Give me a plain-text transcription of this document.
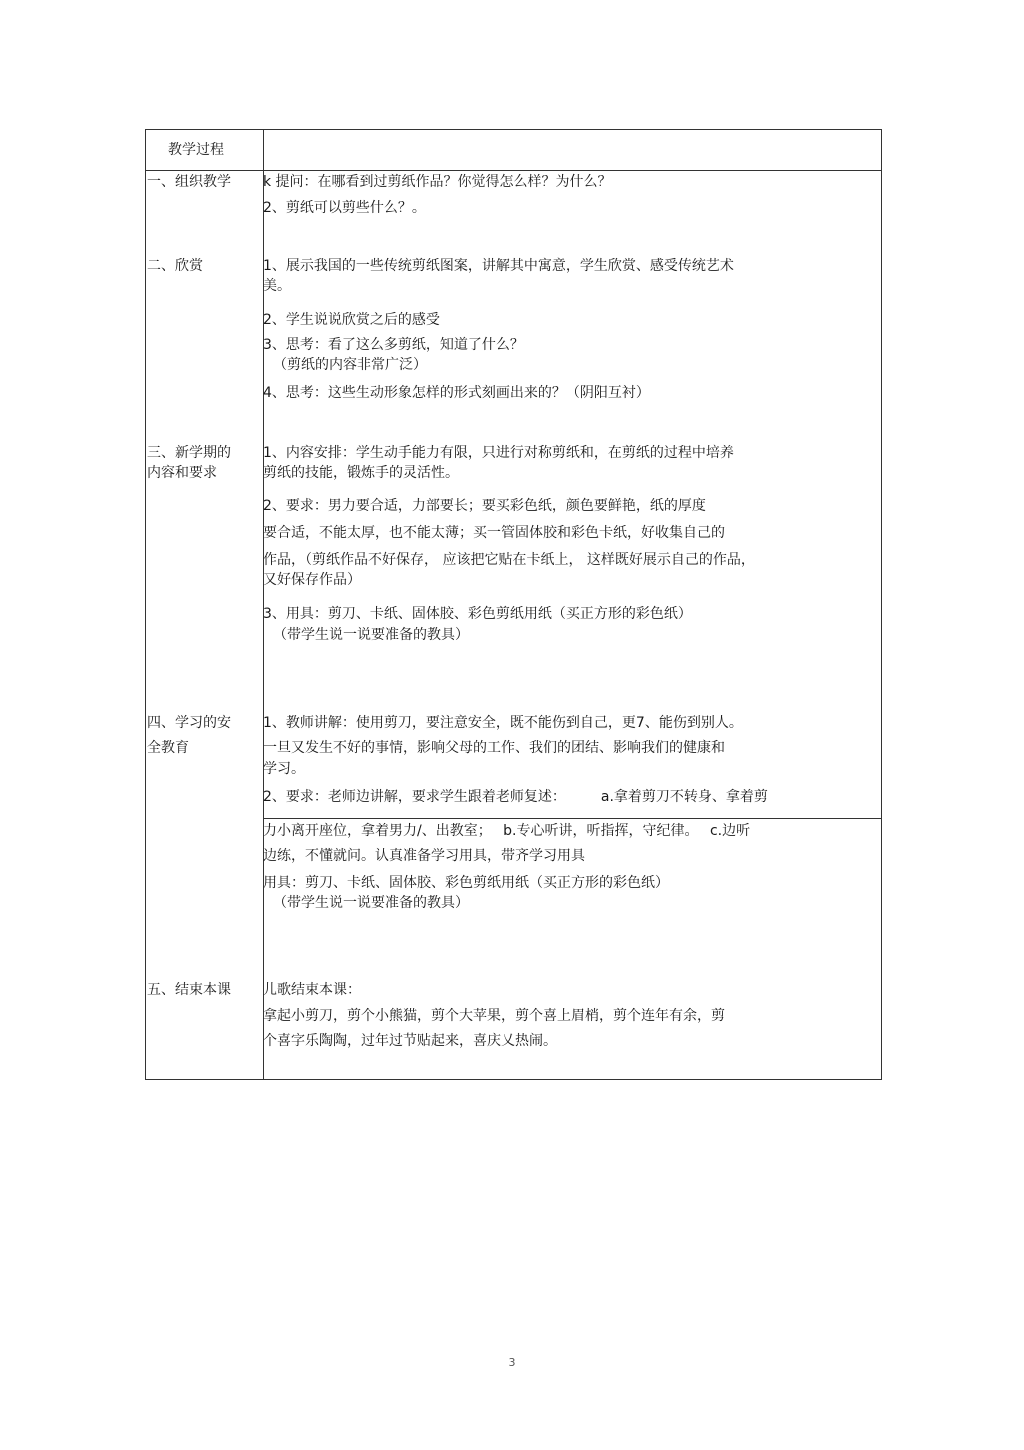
教学过程
一、组织教学 k 提问：在哪看到过剪纸作品？你觉得怎么样？为什么？
2、剪纸可以剪些什么？。
二、欣赏	1、展示我国的一些传统剪纸图案，讲解其中寓意，学生欣赏、感受传统艺术
美。
2、学生说说欣赏之后的感受
3、思考：看了这么多剪纸，知道了什么？
（剪纸的内容非常广泛）
4、思考：这些生动形象怎样的形式刻画出来的？（阴阳互衬）
三、新学期的
内容和要求
1、内容安排：学生动手能力有限，只进行对称剪纸和，在剪纸的过程中培养
剪纸的技能，锻炼手的灵活性。
2、要求：男力要合适，力部要长；要买彩色纸，颜色要鲜艳，纸的厚度
要合适，不能太厚，也不能太薄；买一管固体胶和彩色卡纸，好收集自己的
作品，（剪纸作品不好保存， 应该把它贴在卡纸上， 这样既好展示自己的作品，
又好保存作品）
3、用具：剪刀、卡纸、固体胶、彩色剪纸用纸（买正方形的彩色纸）
（带学生说一说要准备的教具）
四、学习的安
全教育
1、教师讲解：使用剪刀，要注意安全，既不能伤到自己，更7、能伤到别人。
一旦又发生不好的事情，影响父母的工作、我们的团结、影响我们的健康和
学习。
2、要求：老师边讲解，要求学生跟着老师复述：　　　a.拿着剪刀不转身、拿着剪
力小离开座位，拿着男力/、出教室；　 b.专心听讲，听指挥，守纪律。　 c.边听
边练，不懂就问。认真准备学习用具，带齐学习用具
用具：剪刀、卡纸、固体胶、彩色剪纸用纸（买正方形的彩色纸）
（带学生说一说要准备的教具）
五、结束本课 儿歌结束本课：
拿起小剪刀，剪个小熊猫，剪个大苹果，剪个喜上眉梢，剪个连年有余，剪
个喜字乐陶陶，过年过节贴起来，喜庆乂热闹。
3
